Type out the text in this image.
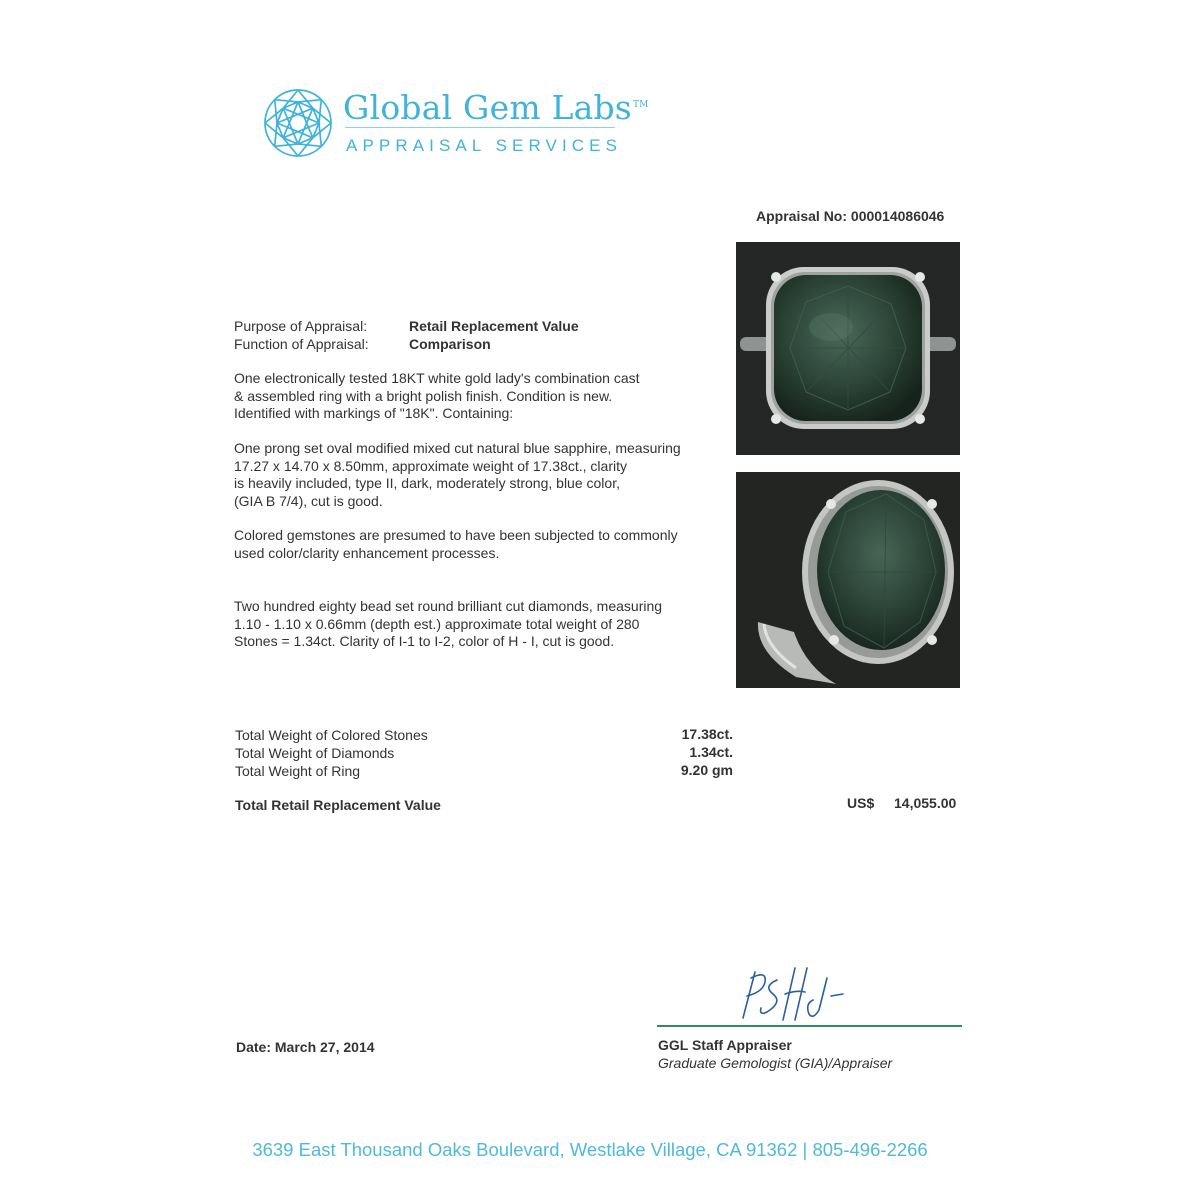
Global Gem Labs™
APPRAISAL SERVICES
Appraisal No: 000014086046
Purpose of Appraisal:	Retail Replacement Value
Function of Appraisal:	Comparison
One electronically tested 18KT white gold lady's combination cast
& assembled ring with a bright polish finish. Condition is new.
Identified with markings of "18K". Containing:
One prong set oval modified mixed cut natural blue sapphire, measuring
17.27 x 14.70 x 8.50mm, approximate weight of 17.38ct., clarity
is heavily included, type II, dark, moderately strong, blue color,
(GIA B 7/4), cut is good.
Colored gemstones are presumed to have been subjected to commonly
used color/clarity enhancement processes.
Two hundred eighty bead set round brilliant cut diamonds, measuring
1.10 - 1.10 x 0.66mm (depth est.) approximate total weight of 280
Stones = 1.34ct. Clarity of I-1 to I-2, color of H - I, cut is good.
Total Weight of Colored Stones	17.38ct.
Total Weight of Diamonds	1.34ct.
Total Weight of Ring	9.20 gm
Total Retail Replacement Value	US$ 14,055.00
Date: March 27, 2014	GGL Staff Appraiser
Graduate Gemologist (GIA)/Appraiser
3639 East Thousand Oaks Boulevard, Westlake Village, CA 91362 | 805-496-2266
